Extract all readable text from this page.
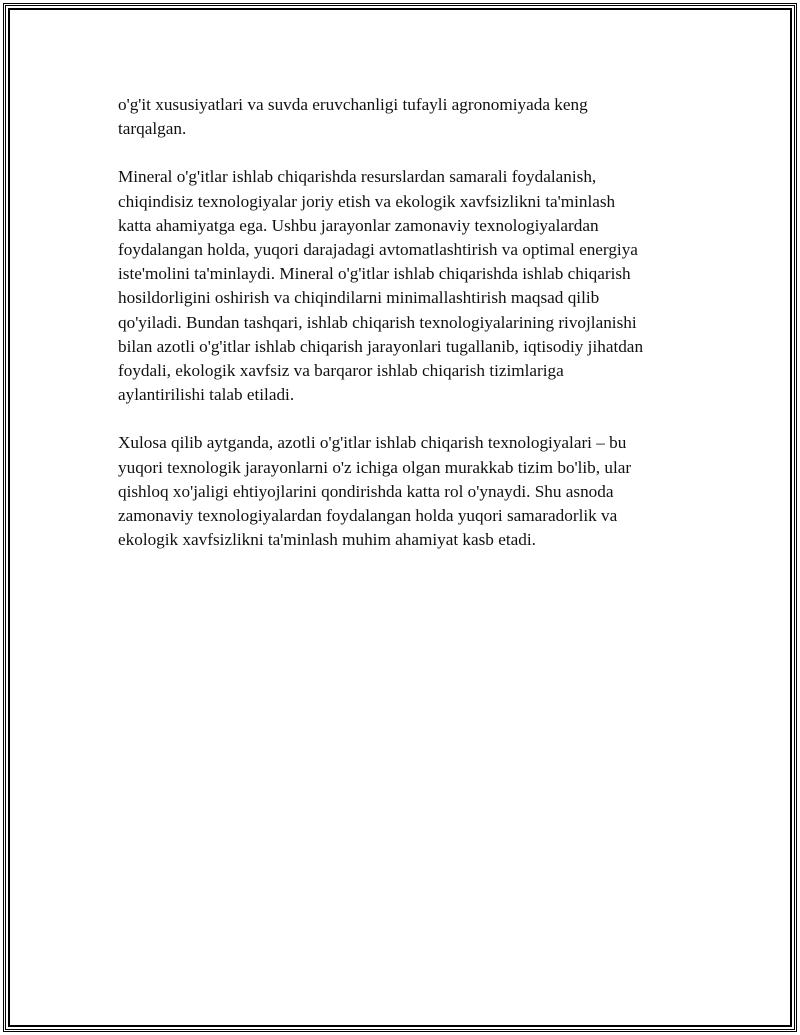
o'g'it xususiyatlari va suvda eruvchanligi tufayli agronomiyada keng
tarqalgan.

Mineral o'g'itlar ishlab chiqarishda resurslardan samarali foydalanish,
chiqindisiz texnologiyalar joriy etish va ekologik xavfsizlikni ta'minlash
katta ahamiyatga ega. Ushbu jarayonlar zamonaviy texnologiyalardan
foydalangan holda, yuqori darajadagi avtomatlashtirish va optimal energiya
iste'molini ta'minlaydi. Mineral o'g'itlar ishlab chiqarishda ishlab chiqarish
hosildorligini oshirish va chiqindilarni minimallashtirish maqsad qilib
qo'yiladi. Bundan tashqari, ishlab chiqarish texnologiyalarining rivojlanishi
bilan azotli o'g'itlar ishlab chiqarish jarayonlari tugallanib, iqtisodiy jihatdan
foydali, ekologik xavfsiz va barqaror ishlab chiqarish tizimlariga
aylantirilishi talab etiladi.

Xulosa qilib aytganda, azotli o'g'itlar ishlab chiqarish texnologiyalari – bu
yuqori texnologik jarayonlarni o'z ichiga olgan murakkab tizim bo'lib, ular
qishloq xo'jaligi ehtiyojlarini qondirishda katta rol o'ynaydi. Shu asnoda
zamonaviy texnologiyalardan foydalangan holda yuqori samaradorlik va
ekologik xavfsizlikni ta'minlash muhim ahamiyat kasb etadi.
